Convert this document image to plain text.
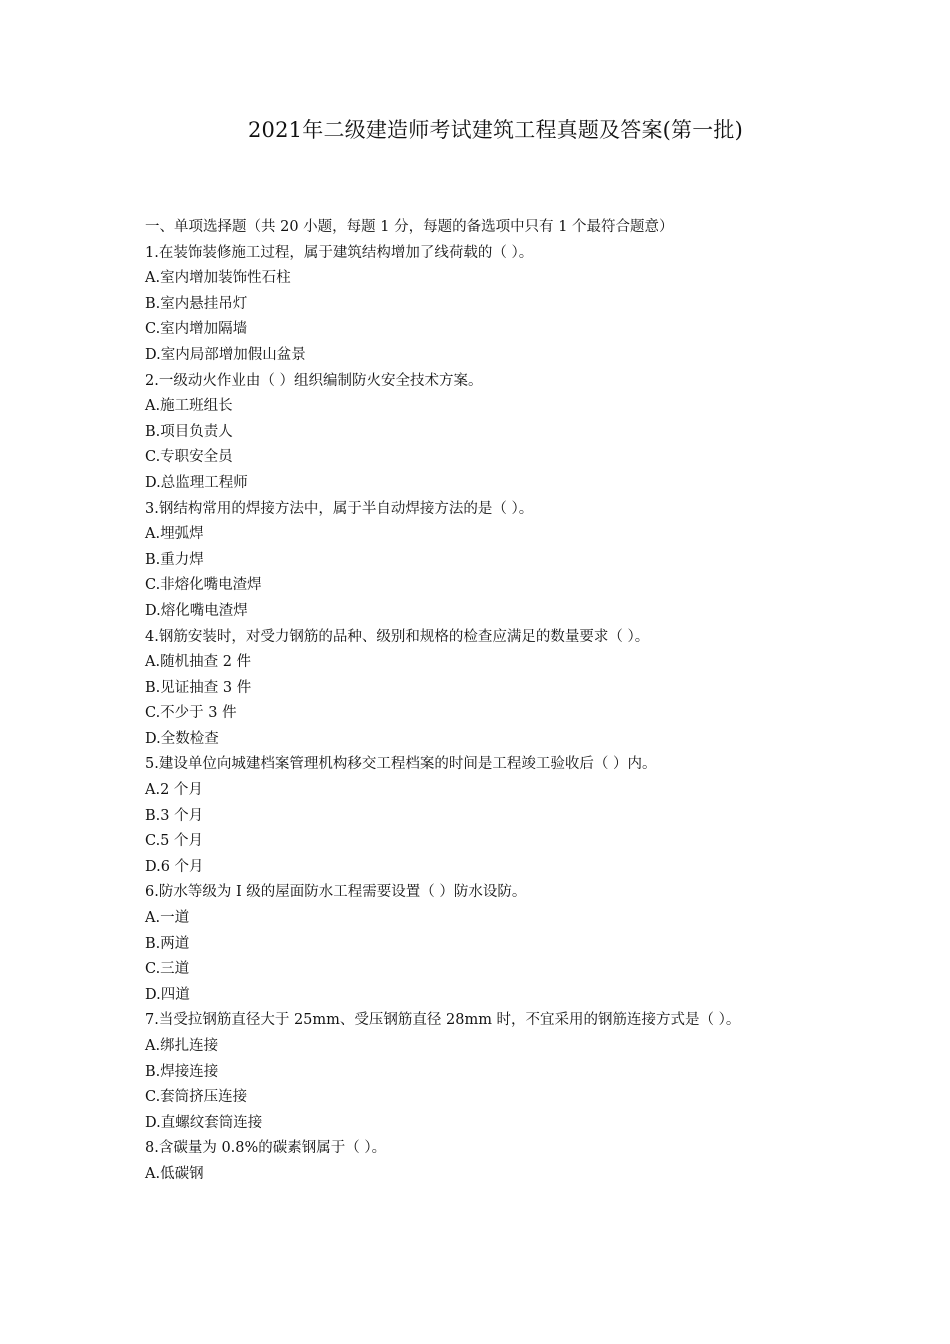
2021年二级建造师考试建筑工程真题及答案(第一批)
一、单项选择题（共 20 小题，每题 1 分，每题的备选项中只有 1 个最符合题意）
1.在装饰装修施工过程，属于建筑结构增加了线荷载的（ ）。
A.室内增加装饰性石柱
B.室内悬挂吊灯
C.室内增加隔墙
D.室内局部增加假山盆景
2.一级动火作业由（ ）组织编制防火安全技术方案。
A.施工班组长
B.项目负责人
C.专职安全员
D.总监理工程师
3.钢结构常用的焊接方法中，属于半自动焊接方法的是（ ）。
A.埋弧焊
B.重力焊
C.非熔化嘴电渣焊
D.熔化嘴电渣焊
4.钢筋安装时，对受力钢筋的品种、级别和规格的检查应满足的数量要求（ ）。
A.随机抽查 2 件
B.见证抽查 3 件
C.不少于 3 件
D.全数检查
5.建设单位向城建档案管理机构移交工程档案的时间是工程竣工验收后（ ）内。
A.2 个月
B.3 个月
C.5 个月
D.6 个月
6.防水等级为 I 级的屋面防水工程需要设置（ ）防水设防。
A.一道
B.两道
C.三道
D.四道
7.当受拉钢筋直径大于 25mm、受压钢筋直径 28mm 时，不宜采用的钢筋连接方式是（ ）。
A.绑扎连接
B.焊接连接
C.套筒挤压连接
D.直螺纹套筒连接
8.含碳量为 0.8%的碳素钢属于（ ）。
A.低碳钢
